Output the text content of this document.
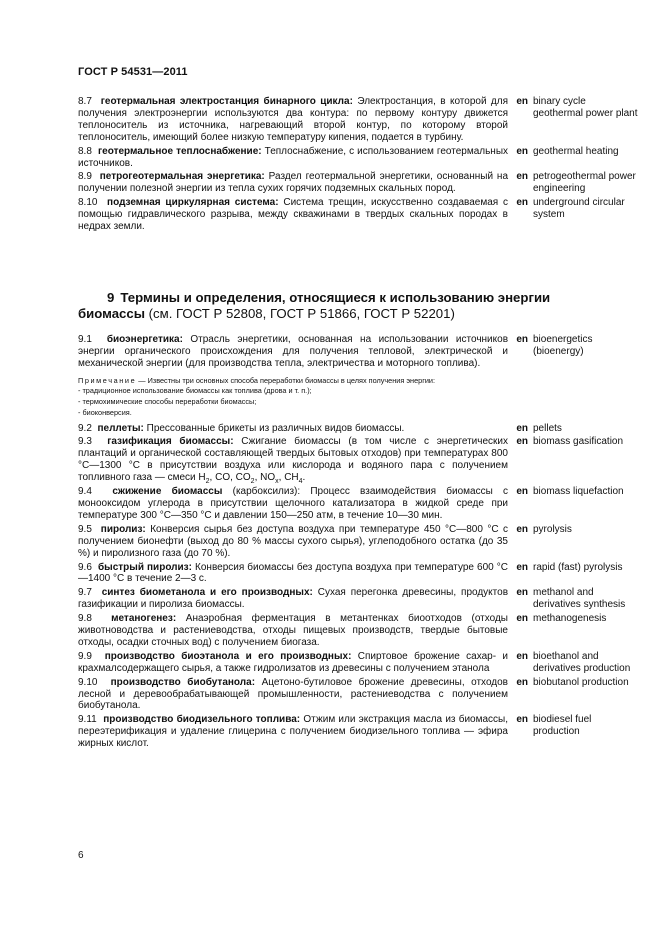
ГОСТ Р 54531—2011
8.7 геотермальная электростанция бинарного цикла: Электростанция, в которой для получения электроэнергии используются два контура: по первому контуру движется теплоноситель из источника, нагревающий второй контур, по которому второй теплоноситель, имеющий более низкую температуру кипения, подается в турбину.
en binary cycle geothermal power plant
8.8 геотермальное теплоснабжение: Теплоснабжение, с использованием геотермальных источников.
en geothermal heating
8.9 петрогеотермальная энергетика: Раздел геотермальной энергетики, основанный на получении полезной энергии из тепла сухих горячих подземных скальных пород.
en petrogeothermal power engineering
8.10 подземная циркулярная система: Система трещин, искусственно создаваемая с помощью гидравлического разрыва, между скважинами в твердых скальных породах в недрах земли.
en underground circular system
9 Термины и определения, относящиеся к использованию энергии биомассы (см. ГОСТ Р 52808, ГОСТ Р 51866, ГОСТ Р 52201)
9.1 биоэнергетика: Отрасль энергетики, основанная на использовании источников энергии органического происхождения для получения тепловой, электрической и механической энергии (для производства тепла, электричества и моторного топлива).
en bioenergetics (bioenergy)
Примечание — Известны три основных способа переработки биомассы в целях получения энергии:
- традиционное использование биомассы как топлива (дрова и т. п.);
- термохимические способы переработки биомассы;
- биоконверсия.
9.2 пеллеты: Прессованные брикеты из различных видов биомассы.	en pellets
9.3 газификация биомассы: Сжигание биомассы (в том числе с энергетических плантаций и органической составляющей твердых бытовых отходов) при температурах 800 °С—1300 °С в присутствии воздуха или кислорода и водяного пара с получением топливного газа — смеси $H_2$, CO, $CO_2$, $NO_x$, $CH_4$.
en biomass gasification
9.4 сжижение биомассы (карбоксилиз): Процесс взаимодействия биомассы с монооксидом углерода в присутствии щелочного катализатора в жидкой среде при температуре 300 °С—350 °С и давлении 150—250 атм, в течение 10—30 мин.
en biomass liquefaction
9.5 пиролиз: Конверсия сырья без доступа воздуха при температуре 450 °С—800 °С с получением бионефти (выход до 80 % массы сухого сырья), углеподобного остатка (до 35 %) и пиролизного газа (до 70 %).
en pyrolysis
9.6 быстрый пиролиз: Конверсия биомассы без доступа воздуха при температуре 600 °С—1400 °С в течение 2—3 с.
en rapid (fast) pyrolysis
9.7 синтез биометанола и его производных: Сухая перегонка древесины, продуктов газификации и пиролиза биомассы.
en methanol and derivatives synthesis
9.8 метаногенез: Анаэробная ферментация в метантенках биоотходов (отходы животноводства и растениеводства, отходы пищевых производств, твердые бытовые отходы, осадки сточных вод) с получением биогаза.
en methanogenesis
9.9 производство биоэтанола и его производных: Спиртовое брожение сахар- и крахмалсодержащего сырья, а также гидролизатов из древесины с получением этанола
en bioethanol and derivatives production
9.10 производство биобутанола: Ацетоно-бутиловое брожение древесины, отходов лесной и деревообрабатывающей промышленности, растениеводства с получением биобутанола.
en biobutanol production
9.11 производство биодизельного топлива: Отжим или экстракция масла из биомассы, переэтерификация и удаление глицерина с получением биодизельного топлива — эфира жирных кислот.
en biodiesel fuel production
6
